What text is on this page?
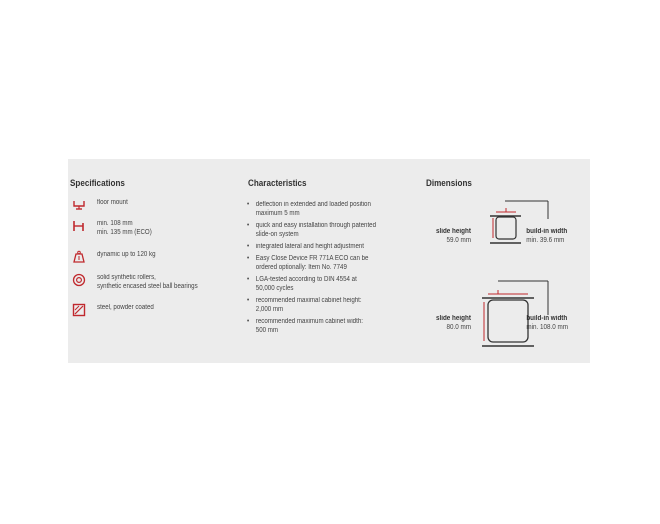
Specifications
floor mount
min. 108 mm
min. 135 mm (ECO)
dynamic up to 120 kg
solid synthetic rollers,
synthetic encased steel ball bearings
steel, powder coated
Characteristics
• deflection in extended and loaded position
maximum 5 mm
• quick and easy installation through patented
slide-on system
• integrated lateral and height adjustment
• Easy Close Device FR 771A ECO can be
ordered optionally: Item No. 7749
• LGA-tested according to DIN 4554 at
50,000 cycles
• recommended maximal cabinet height:
2,000 mm
• recommended maximum cabinet width:
500 mm
Dimensions
slide height
59.0 mm
build-in width
min. 39.6 mm
slide height
80.0 mm
build-in width
min. 108.0 mm
